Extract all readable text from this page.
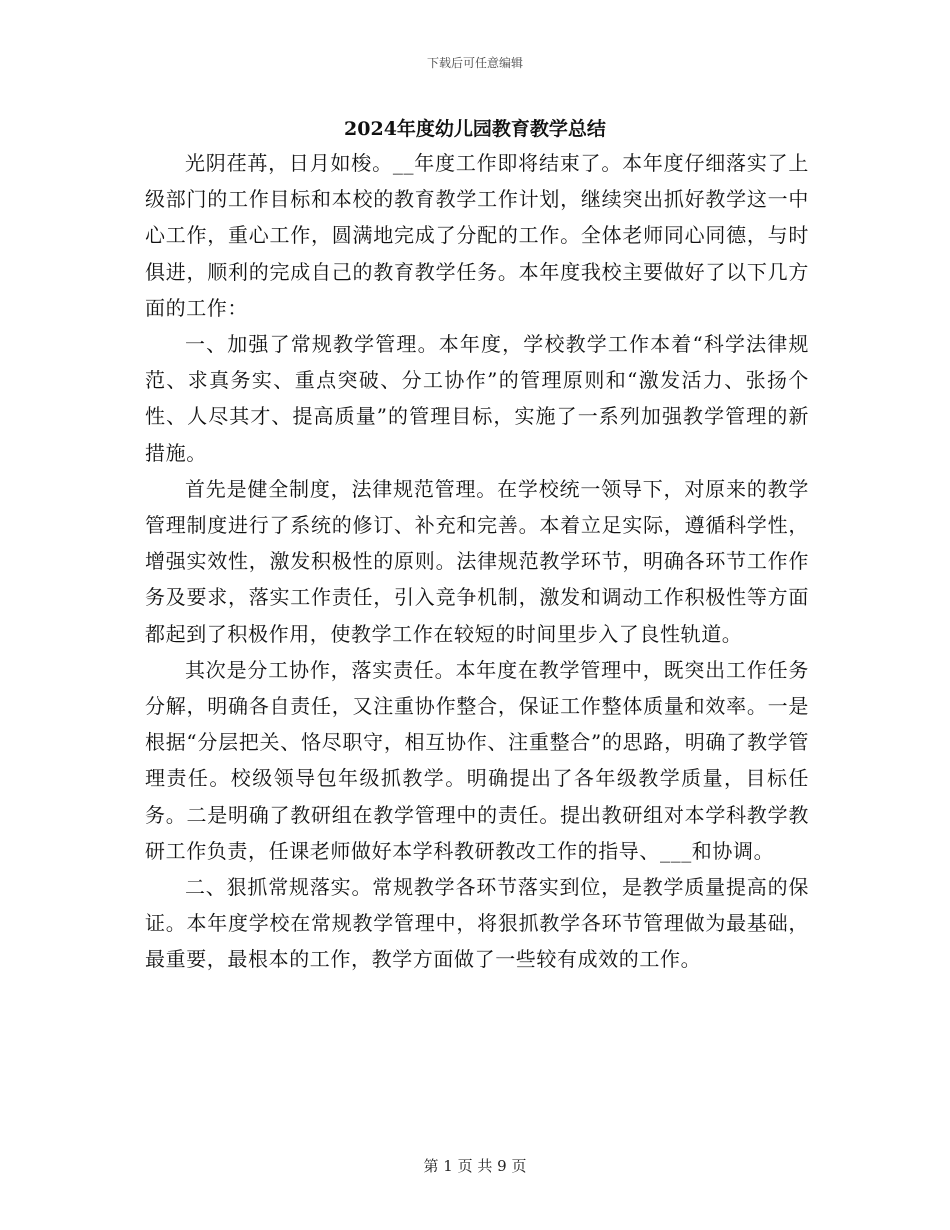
下载后可任意编辑
2024年度幼儿园教育教学总结

光阴荏苒，日月如梭。__年度工作即将结束了。本年度仔细落实了上级部门的工作目标和本校的教育教学工作计划，继续突出抓好教学这一中心工作，重心工作，圆满地完成了分配的工作。全体老师同心同德，与时俱进，顺利的完成自己的教育教学任务。本年度我校主要做好了以下几方面的工作：

一、加强了常规教学管理。本年度，学校教学工作本着“科学法律规范、求真务实、重点突破、分工协作”的管理原则和“激发活力、张扬个性、人尽其才、提高质量”的管理目标，实施了一系列加强教学管理的新措施。

首先是健全制度，法律规范管理。在学校统一领导下，对原来的教学管理制度进行了系统的修订、补充和完善。本着立足实际，遵循科学性，增强实效性，激发积极性的原则。法律规范教学环节，明确各环节工作作务及要求，落实工作责任，引入竞争机制，激发和调动工作积极性等方面都起到了积极作用，使教学工作在较短的时间里步入了良性轨道。

其次是分工协作，落实责任。本年度在教学管理中，既突出工作任务分解，明确各自责任，又注重协作整合，保证工作整体质量和效率。一是根据“分层把关、恪尽职守，相互协作、注重整合”的思路，明确了教学管理责任。校级领导包年级抓教学。明确提出了各年级教学质量，目标任务。二是明确了教研组在教学管理中的责任。提出教研组对本学科教学教研工作负责，任课老师做好本学科教研教改工作的指导、___和协调。

二、狠抓常规落实。常规教学各环节落实到位，是教学质量提高的保证。本年度学校在常规教学管理中，将狠抓教学各环节管理做为最基础，最重要，最根本的工作，教学方面做了一些较有成效的工作。

第 1 页 共 9 页
